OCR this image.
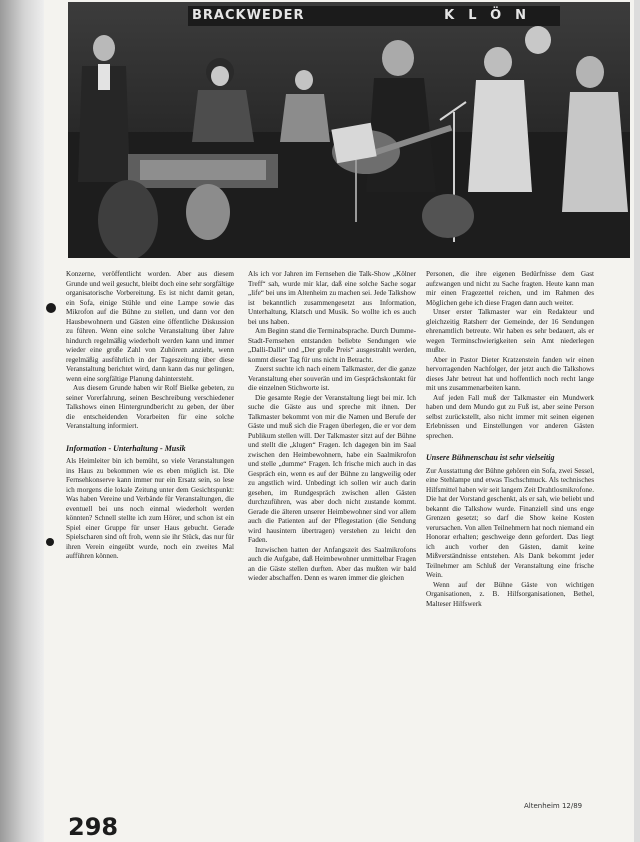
BRACKWEDER	KLÖN

Konzerne, veröffentlicht worden. Aber aus diesem Grunde und weil gesucht, bleibt doch eine sehr sorgfältige organisatorische Vorbereitung. Es ist nicht damit getan, ein Sofa, einige Stühle und eine Lampe sowie das Mikrofon auf die Bühne zu stellen, und dann vor den Hausbewohnern und Gästen eine öffentliche Diskussion zu führen. Wenn eine solche Veranstaltung über Jahre hindurch regelmäßig wiederholt werden kann und immer wieder eine große Zahl von Zuhörern anzieht, wenn regelmäßig ausführlich in der Tageszeitung über diese Veranstaltung berichtet wird, dann kann das nur gelingen, wenn eine sorgfältige Planung dahintersteht.

Aus diesem Grunde haben wir Rolf Bielke gebeten, zu seiner Vorerfahrung, seinen Beschreibung verschiedener Talkshows einen Hintergrundbericht zu geben, der über die entscheidenden Vorarbeiten für eine solche Veranstaltung informiert.

Information - Unterhaltung - Musik

Als Heimleiter bin ich bemüht, so viele Veranstaltungen ins Haus zu bekommen wie es eben möglich ist. Die Fernsehkonserve kann immer nur ein Ersatz sein, so lese ich morgens die lokale Zeitung unter dem Gesichtspunkt: Was haben Vereine und Verbände für Veranstaltungen, die eventuell bei uns noch einmal wiederholt werden könnten? Schnell stellte ich zum Hörer, und schon ist ein Spiel einer Gruppe für unser Haus gebucht. Gerade Spielscharen sind oft froh, wenn sie ihr Stück, das nur für ihren Verein eingeübt wurde, noch ein zweites Mal aufführen können.

Als ich vor Jahren im Fernsehen die Talk-Show „Kölner Treff“ sah, wurde mir klar, daß eine solche Sache sogar „life“ bei uns im Altenheim zu machen sei. Jede Talkshow ist bekanntlich zusammengesetzt aus Information, Unterhaltung, Klatsch und Musik. So wollte ich es auch bei uns haben.

Am Beginn stand die Terminabsprache. Durch Dumme-Stadt-Fernsehen entstanden beliebte Sendungen wie „Dalli-Dalli“ und „Der große Preis“ ausgestrahlt werden, kommt dieser Tag für uns nicht in Betracht.

Zuerst suchte ich nach einem Talkmaster, der die ganze Veranstaltung eher souverän und im Gesprächskontakt für die einzelnen Stichworte ist.

Die gesamte Regie der Veranstaltung liegt bei mir. Ich suche die Gäste aus und spreche mit ihnen. Der Talkmaster bekommt von mir die Namen und Berufe der Gäste und muß sich die Fragen überlegen, die er vor dem Publikum stellen will. Der Talkmaster sitzt auf der Bühne und stellt die „klugen“ Fragen. Ich dagegen bin im Saal zwischen den Heimbewohnern, habe ein Saalmikrofon und stelle „dumme“ Fragen. Ich frische mich auch in das Gespräch ein, wenn es auf der Bühne zu langweilig oder zu angstlich wird. Unbedingt ich sollen wir auch darin gesehen, im Rundgespräch zwischen allen Gästen durchzuführen, was aber doch nicht zustande kommt. Gerade die älteren unserer Heimbewohner sind vor allem auch die Patienten auf der Pflegestation (die Sendung wird hausintern übertragen) verstehen zu leicht den Faden.

Inzwischen hatten der Anfangszeit des Saalmikrofons auch die Aufgabe, daß Heimbewohner unmittelbar Fragen an die Gäste stellen durften. Aber das mußten wir bald wieder abschaffen. Denn es waren immer die gleichen

Personen, die ihre eigenen Bedürfnisse dem Gast aufzwangen und nicht zu Sache fragten. Heute kann man mir einen Fragezettel reichen, und im Rahmen des Möglichen gehe ich diese Fragen dann auch weiter.

Unser erster Talkmaster war ein Redakteur und gleichzeitig Ratsherr der Gemeinde, der 16 Sendungen ehrenamtlich betreute. Wir haben es sehr bedauert, als er wegen Terminschwierigkeiten sein Amt niederlegen mußte.

Aber in Pastor Dieter Kratzenstein fanden wir einen hervorragenden Nachfolger, der jetzt auch die Talkshows dieses Jahr betreut hat und hoffentlich noch recht lange mit uns zusammenarbeiten kann.

Auf jeden Fall muß der Talkmaster ein Mundwerk haben und dem Mundo gut zu Fuß ist, aber seine Person selbst zurückstellt, also nicht immer mit seinen eigenen Erlebnissen und Einstellungen vor anderen Gästen sprechen.

Unsere Bühnenschau ist sehr vielseitig

Zur Ausstattung der Bühne gehören ein Sofa, zwei Sessel, eine Stehlampe und etwas Tischschmuck. Als technisches Hilfsmittel haben wir seit langem Zeit Drahtlosmikrofone. Die hat der Vorstand geschenkt, als er sah, wie beliebt und bekannt die Talkshow wurde. Finanziell sind uns enge Grenzen gesetzt; so darf die Show keine Kosten verursachen. Von allen Teilnehmern hat noch niemand ein Honorar erhalten; geschweige denn gefordert. Das liegt ich auch vorher den Gästen, damit keine Mißverständnisse entstehen. Als Dank bekommt jeder Teilnehmer am Schluß der Veranstaltung eine frische Wein.

Wenn auf der Bühne Gäste von wichtigen Organisationen, z. B. Hilfsorganisationen, Bethel, Malteser Hilfswerk

298
Altenheim 12/89
